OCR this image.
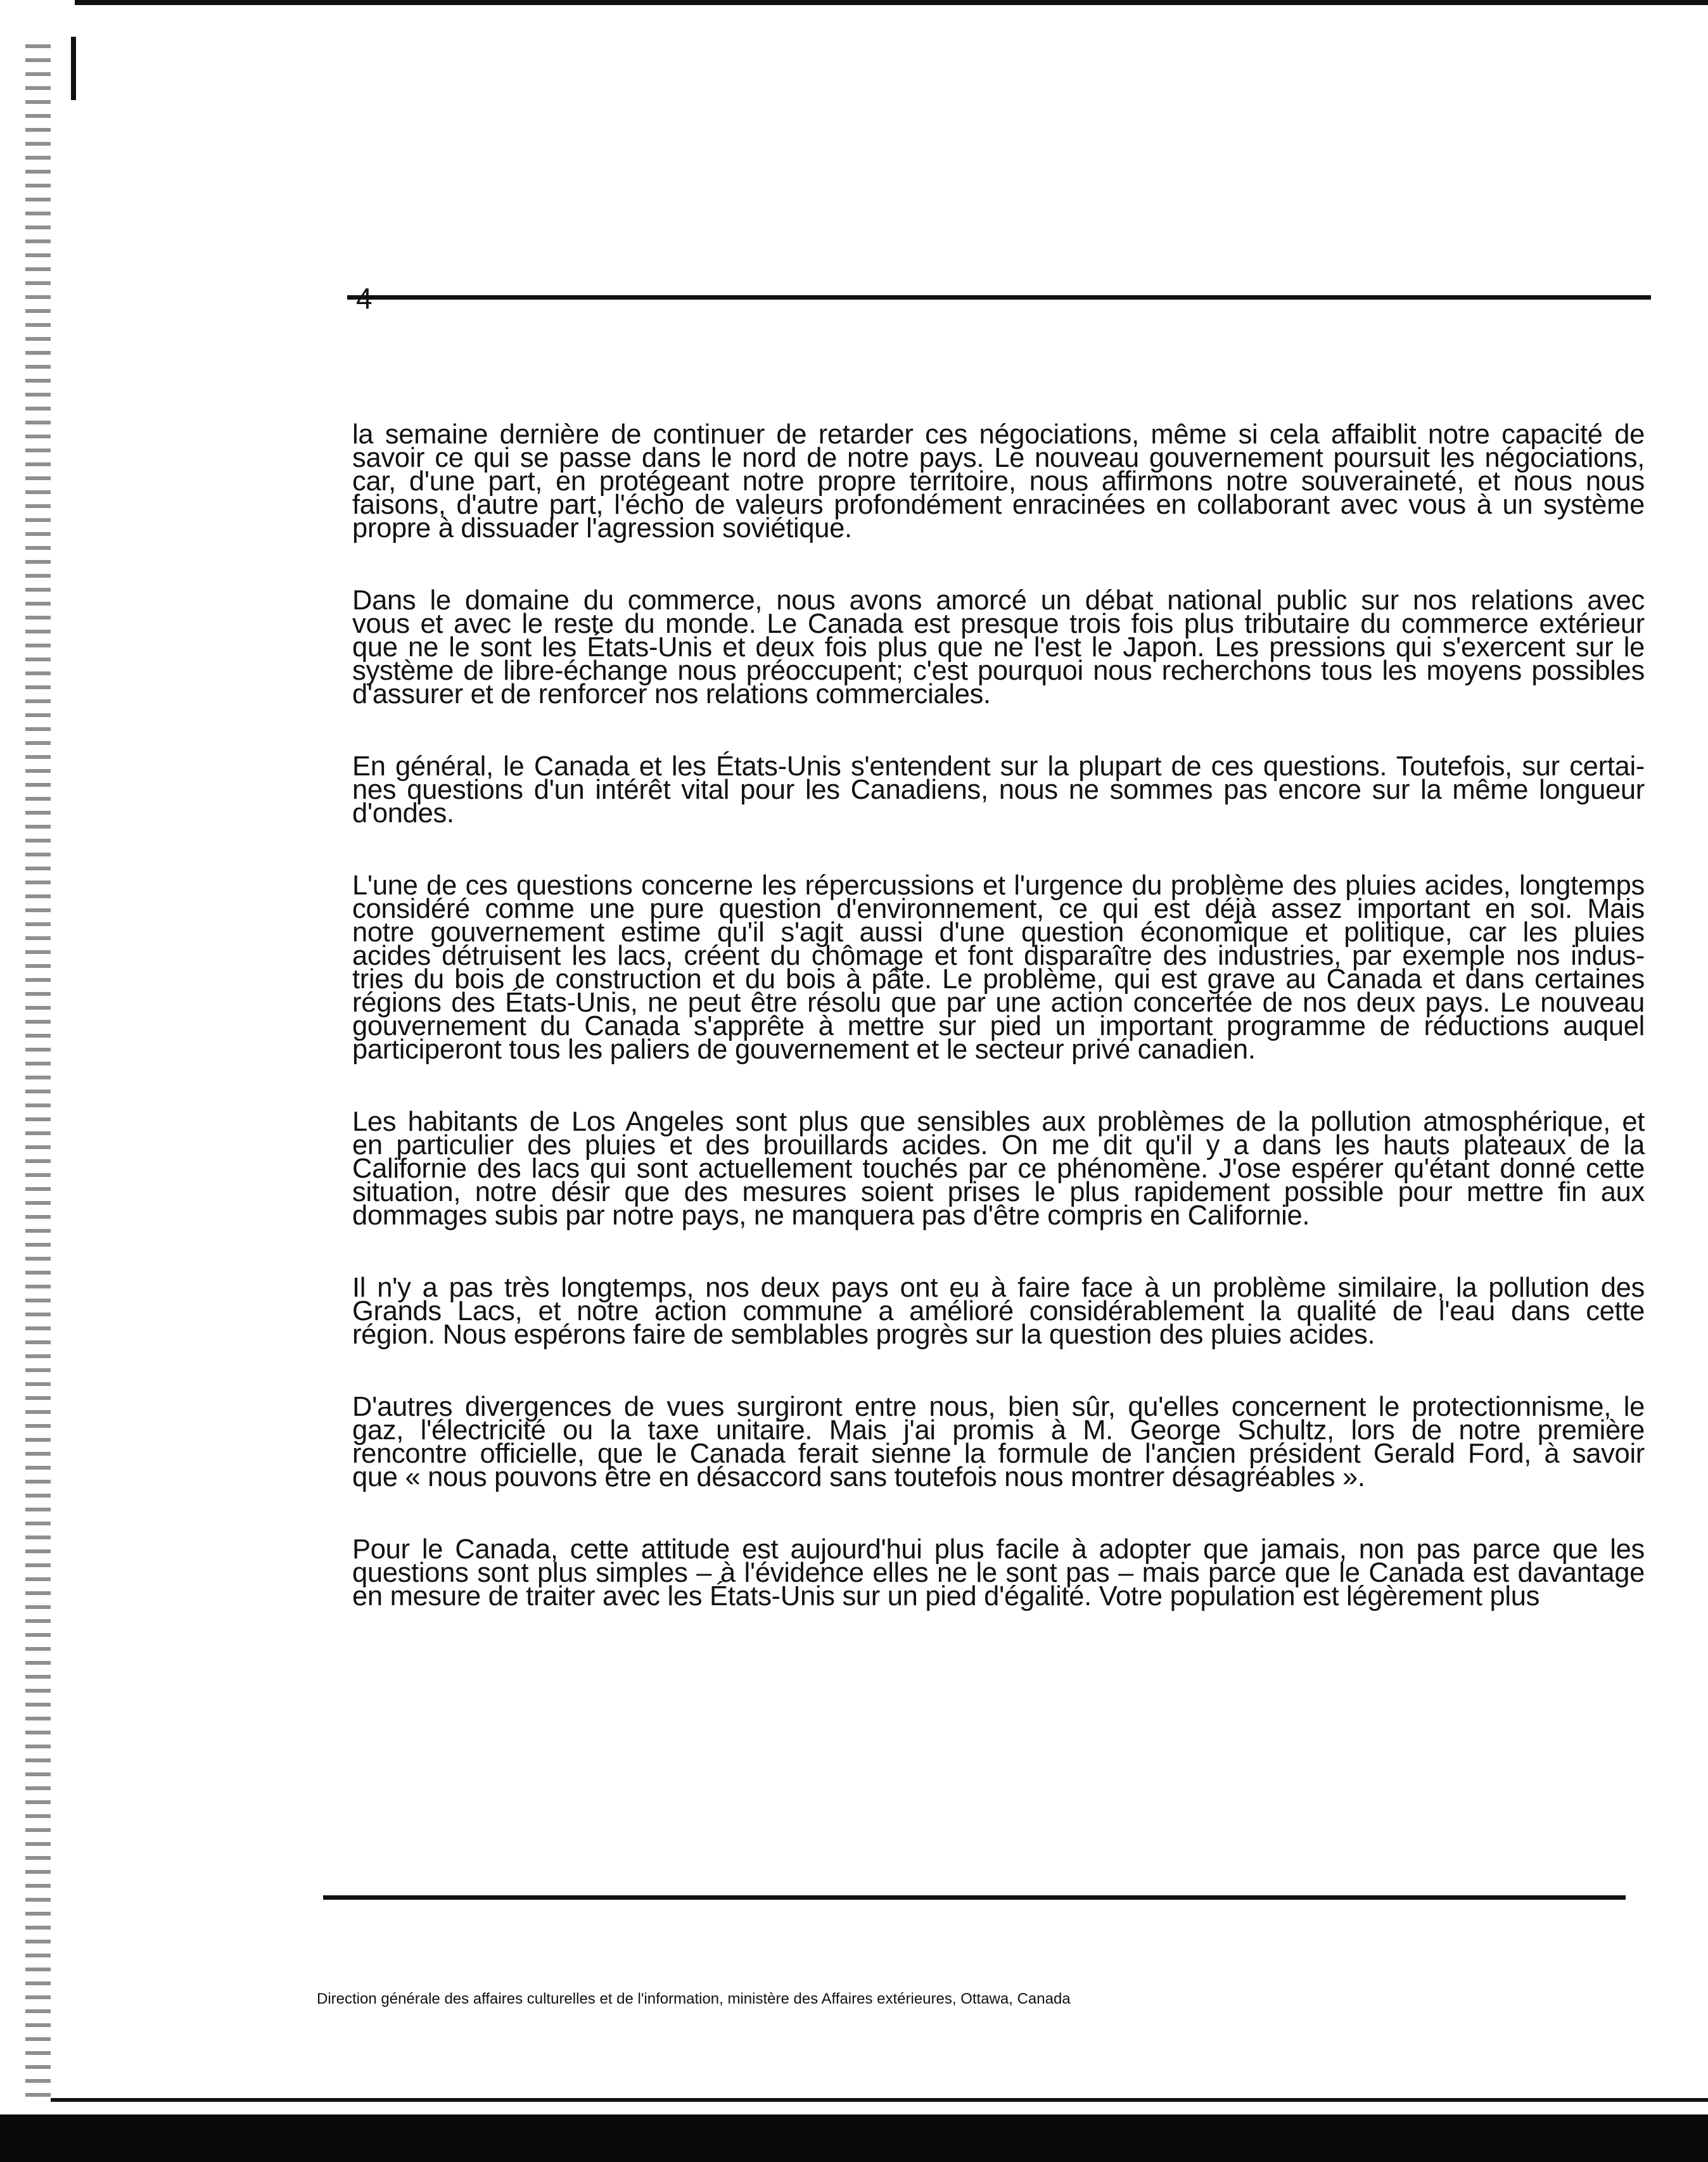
4

la semaine dernière de continuer de retarder ces négociations, même si cela affaiblit notre capacité de
savoir ce qui se passe dans le nord de notre pays. Le nouveau gouvernement poursuit les négociations,
car, d'une part, en protégeant notre propre territoire, nous affirmons notre souveraineté, et nous nous
faisons, d'autre part, l'écho de valeurs profondément enracinées en collaborant avec vous à un système
propre à dissuader l'agression soviétique.

Dans le domaine du commerce, nous avons amorcé un débat national public sur nos relations avec
vous et avec le reste du monde. Le Canada est presque trois fois plus tributaire du commerce extérieur
que ne le sont les États-Unis et deux fois plus que ne l'est le Japon. Les pressions qui s'exercent sur le
système de libre-échange nous préoccupent; c'est pourquoi nous recherchons tous les moyens possibles
d'assurer et de renforcer nos relations commerciales.

En général, le Canada et les États-Unis s'entendent sur la plupart de ces questions. Toutefois, sur certai-
nes questions d'un intérêt vital pour les Canadiens, nous ne sommes pas encore sur la même longueur
d'ondes.

L'une de ces questions concerne les répercussions et l'urgence du problème des pluies acides, longtemps
considéré comme une pure question d'environnement, ce qui est déjà assez important en soi. Mais
notre gouvernement estime qu'il s'agit aussi d'une question économique et politique, car les pluies
acides détruisent les lacs, créent du chômage et font disparaître des industries, par exemple nos indus-
tries du bois de construction et du bois à pâte. Le problème, qui est grave au Canada et dans certaines
régions des États-Unis, ne peut être résolu que par une action concertée de nos deux pays. Le nouveau
gouvernement du Canada s'apprête à mettre sur pied un important programme de réductions auquel
participeront tous les paliers de gouvernement et le secteur privé canadien.

Les habitants de Los Angeles sont plus que sensibles aux problèmes de la pollution atmosphérique, et
en particulier des pluies et des brouillards acides. On me dit qu'il y a dans les hauts plateaux de la
Californie des lacs qui sont actuellement touchés par ce phénomène. J'ose espérer qu'étant donné cette
situation, notre désir que des mesures soient prises le plus rapidement possible pour mettre fin aux
dommages subis par notre pays, ne manquera pas d'être compris en Californie.

Il n'y a pas très longtemps, nos deux pays ont eu à faire face à un problème similaire, la pollution des
Grands Lacs, et notre action commune a amélioré considérablement la qualité de l'eau dans cette
région. Nous espérons faire de semblables progrès sur la question des pluies acides.

D'autres divergences de vues surgiront entre nous, bien sûr, qu'elles concernent le protectionnisme, le
gaz, l'électricité ou la taxe unitaire. Mais j'ai promis à M. George Schultz, lors de notre première
rencontre officielle, que le Canada ferait sienne la formule de l'ancien président Gerald Ford, à savoir
que « nous pouvons être en désaccord sans toutefois nous montrer désagréables ».

Pour le Canada, cette attitude est aujourd'hui plus facile à adopter que jamais, non pas parce que les
questions sont plus simples – à l'évidence elles ne le sont pas – mais parce que le Canada est davantage
en mesure de traiter avec les États-Unis sur un pied d'égalité. Votre population est légèrement plus

Direction générale des affaires culturelles et de l'information, ministère des Affaires extérieures, Ottawa, Canada
